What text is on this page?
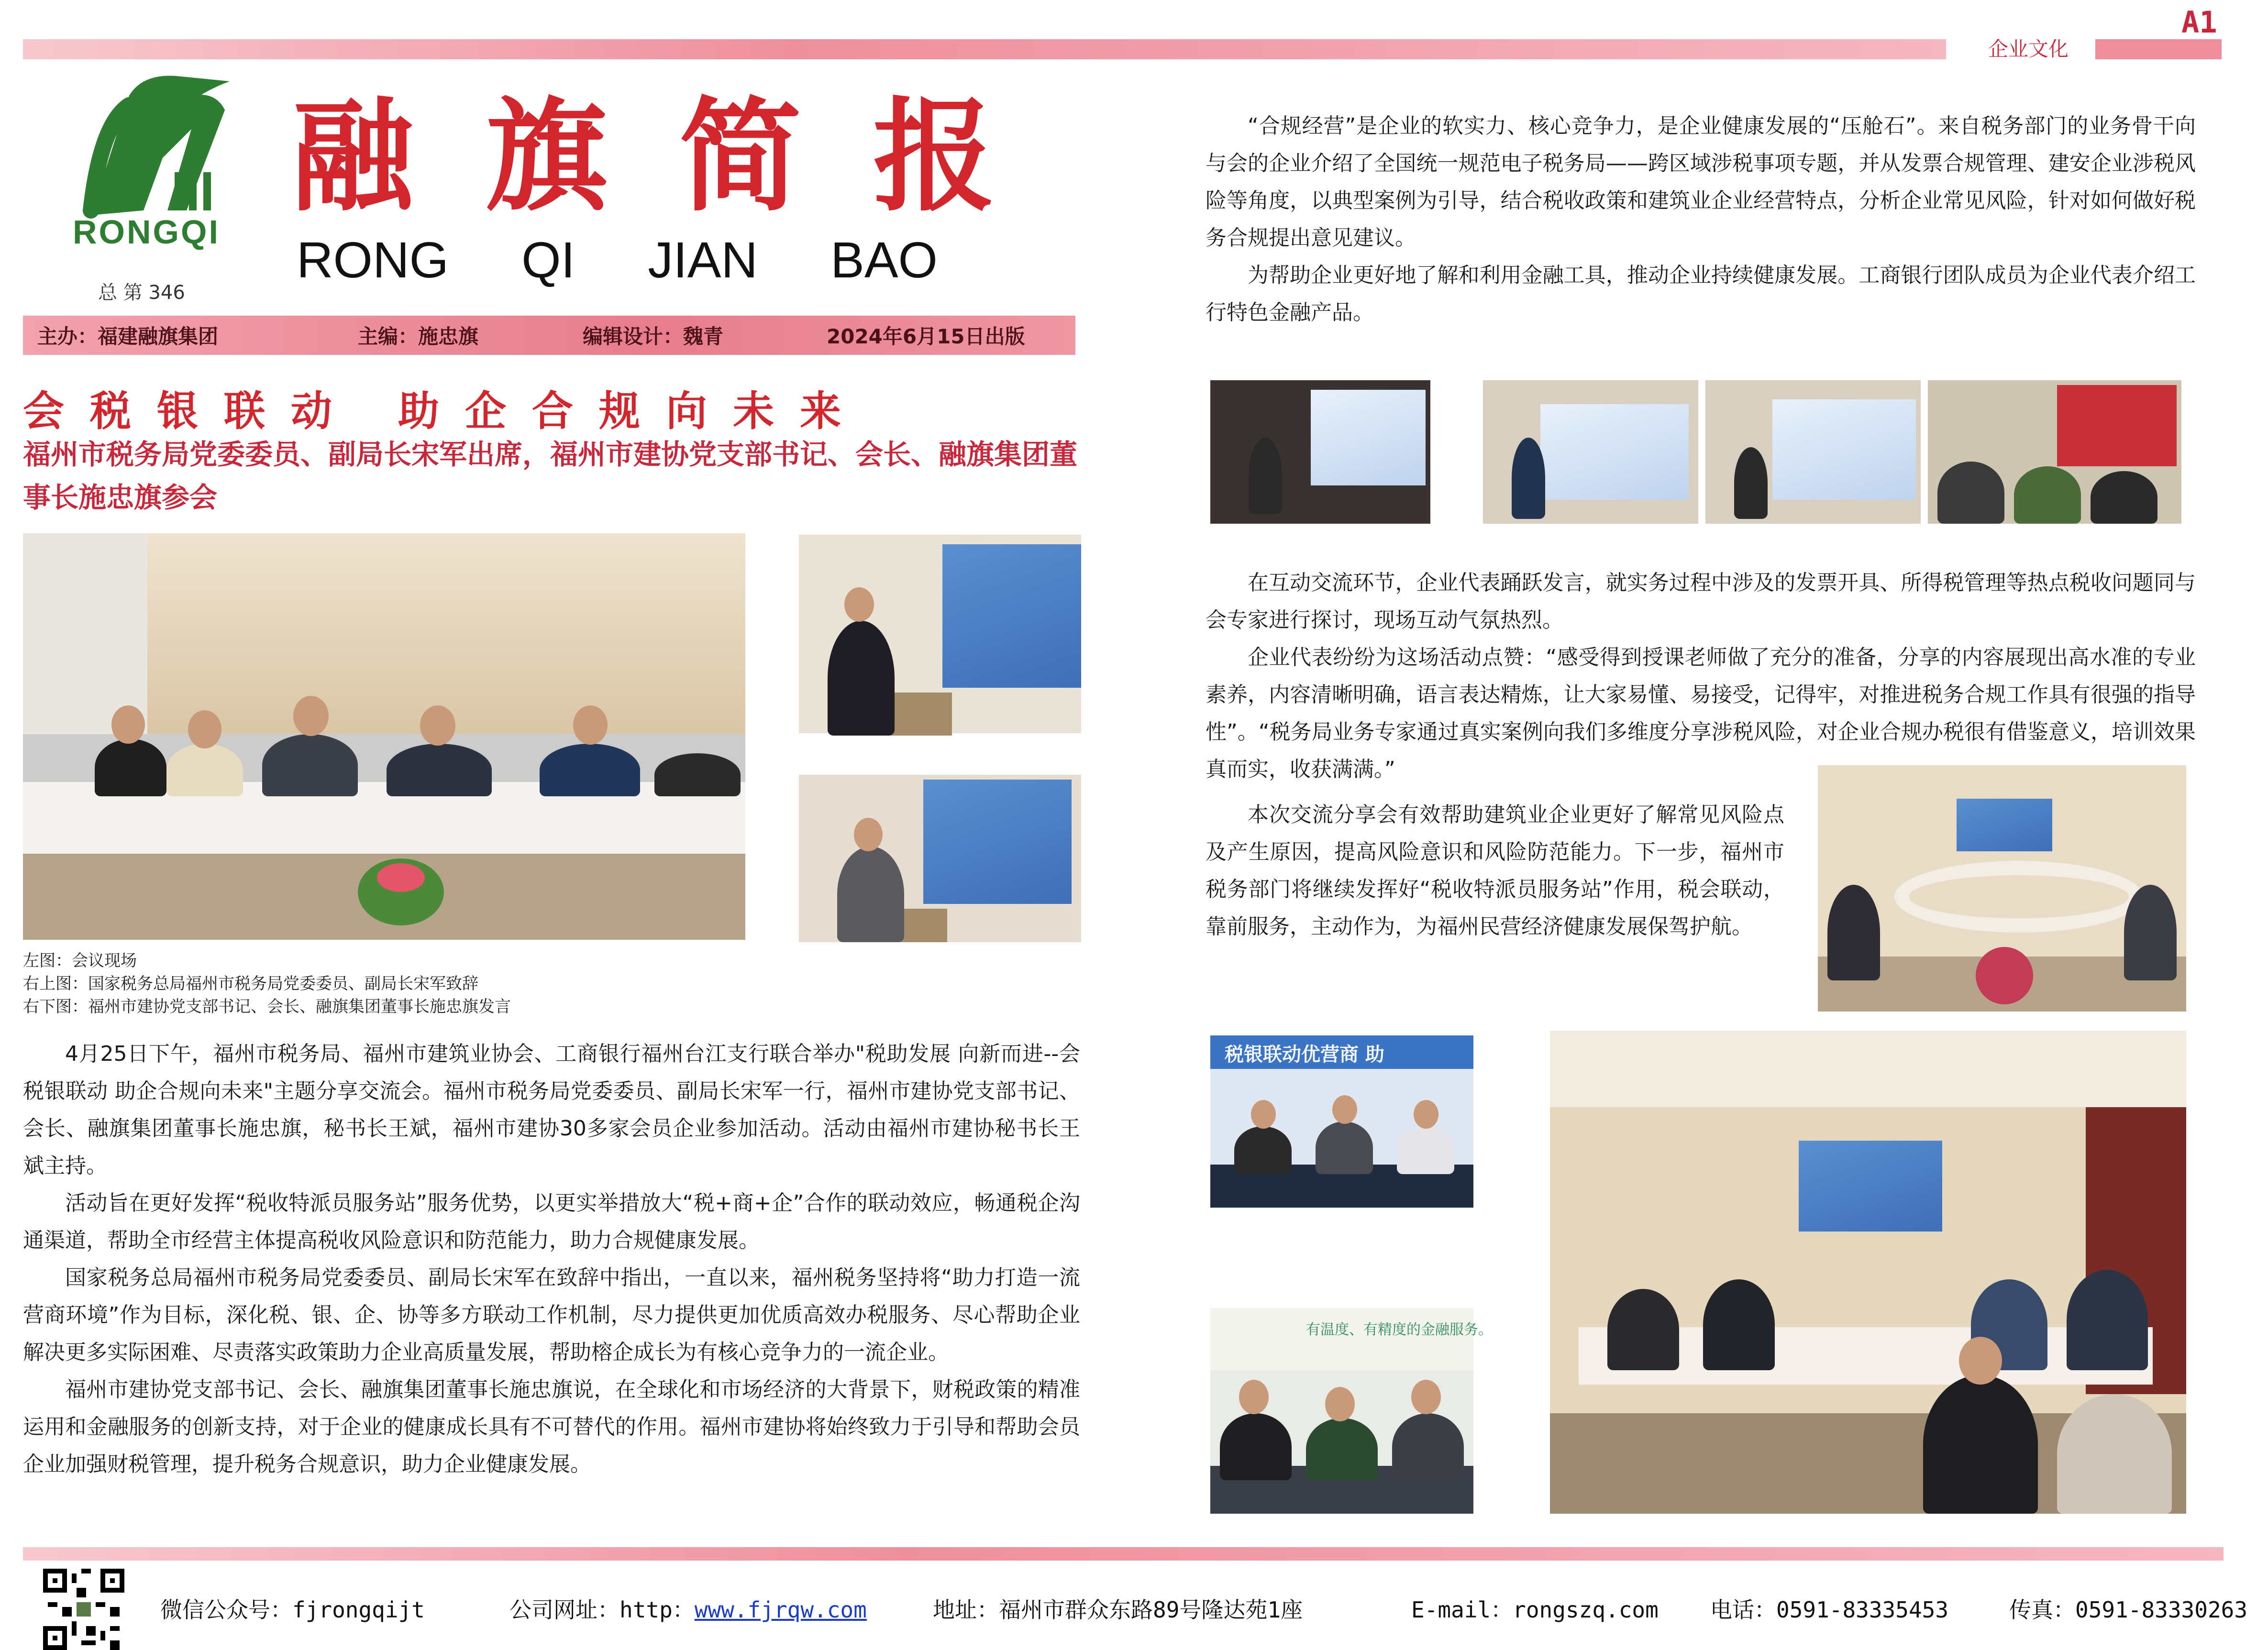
企业文化
A1
RONGQI
融旗简报
RONG QI JIAN BAO
总 第 346
主办：福建融旗集团	主编：施忠旗	编辑设计：魏青	2024年6月15日出版
会税银联动 助企合规向未来
福州市税务局党委委员、副局长宋军出席，福州市建协党支部书记、会长、融旗集团董事长施忠旗参会
左图：会议现场
右上图：国家税务总局福州市税务局党委委员、副局长宋军致辞
右下图：福州市建协党支部书记、会长、融旗集团董事长施忠旗发言

4月25日下午，福州市税务局、福州市建筑业协会、工商银行福州台江支行联合举办"税助发展 向新而进--会税银联动 助企合规向未来"主题分享交流会。福州市税务局党委委员、副局长宋军一行，福州市建协党支部书记、会长、融旗集团董事长施忠旗，秘书长王斌，福州市建协30多家会员企业参加活动。活动由福州市建协秘书长王斌主持。

活动旨在更好发挥“税收特派员服务站”服务优势，以更实举措放大“税+商+企”合作的联动效应，畅通税企沟通渠道，帮助全市经营主体提高税收风险意识和防范能力，助力合规健康发展。

国家税务总局福州市税务局党委委员、副局长宋军在致辞中指出，一直以来，福州税务坚持将“助力打造一流营商环境”作为目标，深化税、银、企、协等多方联动工作机制，尽力提供更加优质高效办税服务、尽心帮助企业解决更多实际困难、尽责落实政策助力企业高质量发展，帮助榕企成长为有核心竞争力的一流企业。

福州市建协党支部书记、会长、融旗集团董事长施忠旗说，在全球化和市场经济的大背景下，财税政策的精准运用和金融服务的创新支持，对于企业的健康成长具有不可替代的作用。福州市建协将始终致力于引导和帮助会员企业加强财税管理，提升税务合规意识，助力企业健康发展。

“合规经营”是企业的软实力、核心竞争力，是企业健康发展的“压舱石”。来自税务部门的业务骨干向与会的企业介绍了全国统一规范电子税务局——跨区域涉税事项专题，并从发票合规管理、建安企业涉税风险等角度，以典型案例为引导，结合税收政策和建筑业企业经营特点，分析企业常见风险，针对如何做好税务合规提出意见建议。

为帮助企业更好地了解和利用金融工具，推动企业持续健康发展。工商银行团队成员为企业代表介绍工行特色金融产品。

在互动交流环节，企业代表踊跃发言，就实务过程中涉及的发票开具、所得税管理等热点税收问题同与会专家进行探讨，现场互动气氛热烈。

企业代表纷纷为这场活动点赞：“感受得到授课老师做了充分的准备，分享的内容展现出高水准的专业素养，内容清晰明确，语言表达精炼，让大家易懂、易接受，记得牢，对推进税务合规工作具有很强的指导性”。“税务局业务专家通过真实案例向我们多维度分享涉税风险，对企业合规办税很有借鉴意义，培训效果真而实，收获满满。”

本次交流分享会有效帮助建筑业企业更好了解常见风险点及产生原因，提高风险意识和风险防范能力。下一步，福州市税务部门将继续发挥好“税收特派员服务站”作用，税会联动，靠前服务，主动作为，为福州民营经济健康发展保驾护航。

税银联动优营商 助
有温度、有精度的金融服务。
微信公众号：fjrongqijt	公司网址：http：www.fjrqw.com	地址：福州市群众东路89号隆达苑1座	E-mail：rongszq.com 电话：0591-83335453	传真：0591-83330263
